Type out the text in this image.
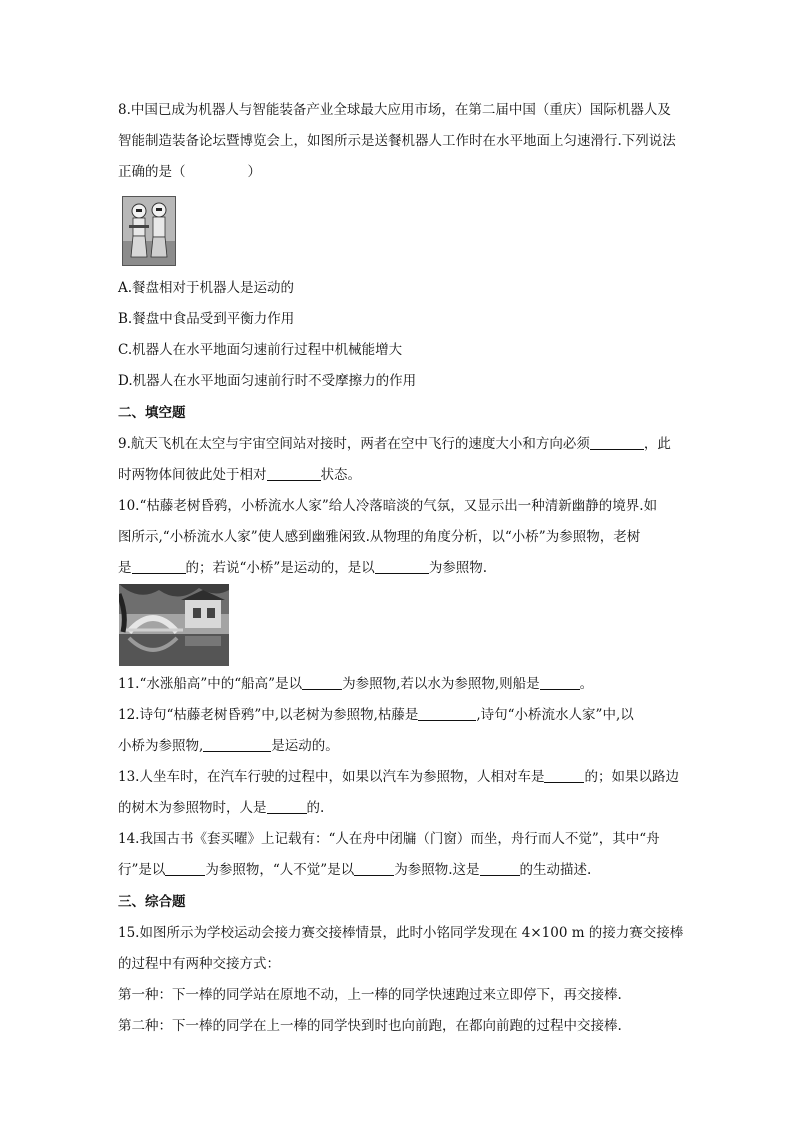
8.中国已成为机器人与智能装备产业全球最大应用市场，在第二届中国（重庆）国际机器人及
智能制造装备论坛暨博览会上，如图所示是送餐机器人工作时在水平地面上匀速滑行.下列说法
正确的是（	）
A.餐盘相对于机器人是运动的
B.餐盘中食品受到平衡力作用
C.机器人在水平地面匀速前行过程中机械能增大
D.机器人在水平地面匀速前行时不受摩擦力的作用
二、填空题
9.航天飞机在太空与宇宙空间站对接时，两者在空中飞行的速度大小和方向必须	，此
时两物体间彼此处于相对	状态。
10.“枯藤老树昏鸦，小桥流水人家”给人冷落暗淡的气氛，又显示出一种清新幽静的境界.如
图所示,“小桥流水人家”使人感到幽雅闲致.从物理的角度分析，以“小桥”为参照物，老树
是	的；若说“小桥”是运动的，是以	为参照物.
11.“水涨船高”中的“船高”是以	为参照物,若以水为参照物,则船是	。
12.诗句“枯藤老树昏鸦”中,以老树为参照物,枯藤是	,诗句“小桥流水人家”中,以
小桥为参照物,	是运动的。
13.人坐车时，在汽车行驶的过程中，如果以汽车为参照物，人相对车是	的；如果以路边
的树木为参照物时，人是	的.
14.我国古书《套买曜》上记载有：“人在舟中闭牖（门窗）而坐，舟行而人不觉”，其中“舟
行”是以	为参照物，“人不觉”是以	为参照物.这是	的生动描述.
三、综合题
15.如图所示为学校运动会接力赛交接棒情景，此时小铭同学发现在 4×100 m 的接力赛交接棒
的过程中有两种交接方式：
第一种：下一棒的同学站在原地不动，上一棒的同学快速跑过来立即停下，再交接棒.
第二种：下一棒的同学在上一棒的同学快到时也向前跑，在都向前跑的过程中交接棒.
